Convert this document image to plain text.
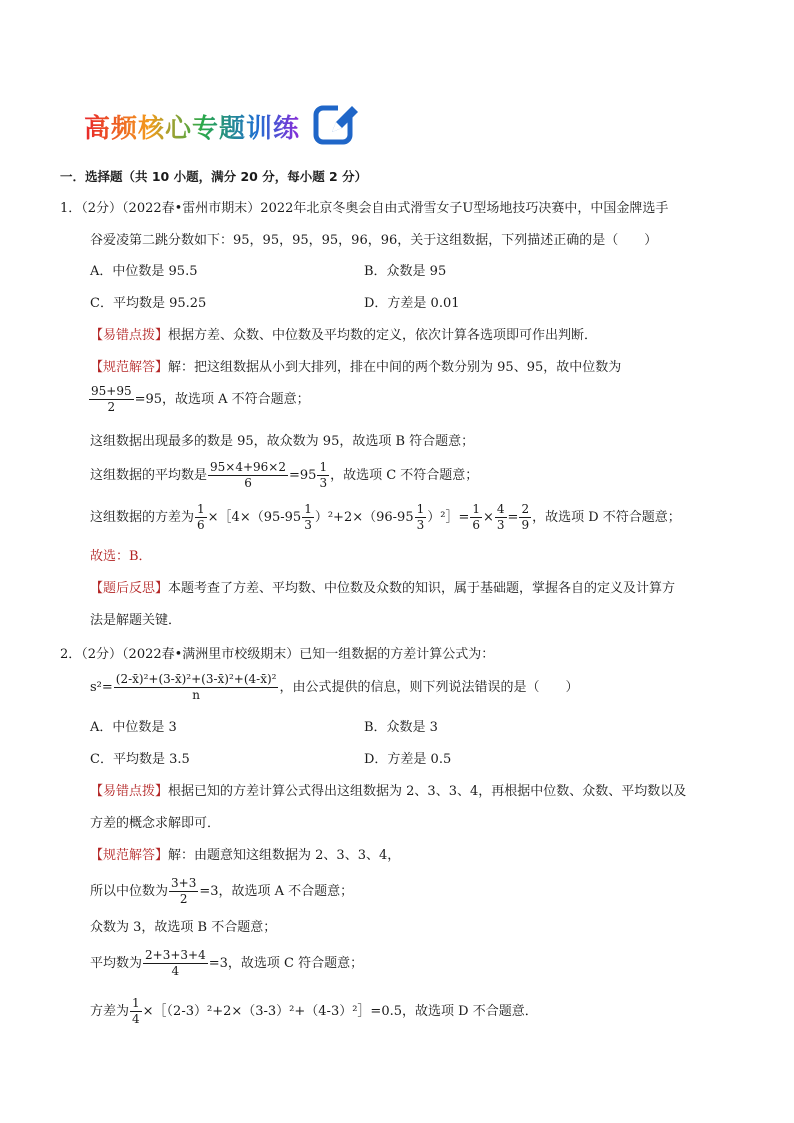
高频核心专题训练
一．选择题（共 10 小题，满分 20 分，每小题 2 分）
1．（2分）（2022春•雷州市期末）2022年北京冬奥会自由式滑雪女子U型场地技巧决赛中，中国金牌选手
谷爱凌第二跳分数如下：95，95，95，95，96，96，关于这组数据，下列描述正确的是（　　）
A．中位数是 95.5	B．众数是 95
C．平均数是 95.25	D．方差是 0.01
【易错点拨】根据方差、众数、中位数及平均数的定义，依次计算各选项即可作出判断．
【规范解答】解：把这组数据从小到大排列，排在中间的两个数分别为 95、95，故中位数为
$\frac{95+95}{2} =95$，故选项 A 不符合题意；
这组数据出现最多的数是 95，故众数为 95，故选项 B 符合题意；
这组数据的平均数是 $\frac{95\times 4+96\times 2}{6} =95 \frac{1}{3}$ ，故选项 C 不符合题意；
这组数据的方差为 $\frac{1}{6}$ ×［4×（95-95 $\frac{1}{3} )^2+2\times(96-95 \frac{1}{3}$ ）²］= $\frac{1}{6} \times \frac{4}{3} = \frac{2}{9}$ ，故选项 D 不符合题意；
故选：B．
【题后反思】本题考查了方差、平均数、中位数及众数的知识，属于基础题，掌握各自的定义及计算方
法是解题关键．
2．（2分）（2022春•满洲里市校级期末）已知一组数据的方差计算公式为：
$s^2= \frac{\text{(2-x̄)²+(3-x̄)²+(3-x̄)²+(4-x̄)²}}{n}$ ，由公式提供的信息，则下列说法错误的是（　　）
A．中位数是 3	B．众数是 3
C．平均数是 3.5	D．方差是 0.5
【易错点拨】根据已知的方差计算公式得出这组数据为 2、3、3、4，再根据中位数、众数、平均数以及
方差的概念求解即可．
【规范解答】解：由题意知这组数据为 2、3、3、4，
所以中位数为 $\frac{3+3}{2} =3$，故选项 A 不合题意；
众数为 3，故选项 B 不合题意；
平均数为 $\frac{2+3+3+4}{4} =3$，故选项 C 符合题意；
方差为 $\frac{1}{4}$ ×［（2-3）²+2×（3-3）²+（4-3）²］=0.5，故选项 D 不合题意．
